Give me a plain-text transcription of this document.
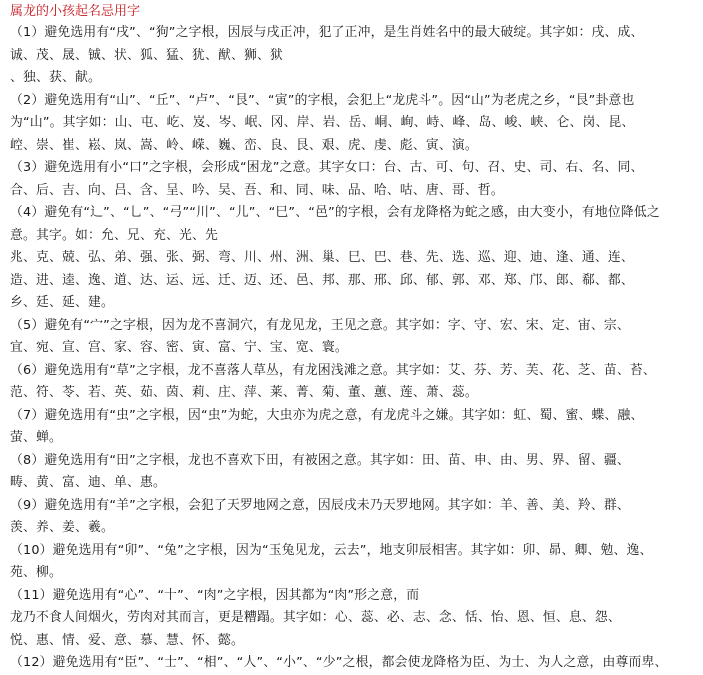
属龙的小孩起名忌用字
（1）避免选用有“戌”、“狗”之字根，因辰与戌正冲，犯了正冲，是生肖姓名中的最大破绽。其字如：戌、成、
诚、茂、晟、铖、状、狐、猛、犹、猷、狮、狱
、独、获、献。
（2）避免选用有“山”、“丘”、“卢”、“艮”、“寅”的字根，会犯上“龙虎斗”。因“山”为老虎之乡，“艮”卦意也
为“山”。其字如：山、屯、屹、岌、岑、岷、冈、岸、岩、岳、峒、峋、峙、峰、岛、峻、峡、仑、岗、昆、
崆、崇、崔、崧、岚、嵩、岭、嵘、巍、峦、良、艮、艰、虎、虔、彪、寅、演。
（3）避免选用有小“口”之字根，会形成“困龙”之意。其字女口：台、古、可、句、召、史、司、右、名、同、
合、后、吉、向、吕、含、呈、吟、吴、吾、和、同、味、品、哈、咕、唐、哥、哲。
（4）避免有“辶”、“乚”、“弓”“川”、“儿”、“巳”、“邑”的字根，会有龙降格为蛇之感，由大变小，有地位降低之
意。其字。如：允、兄、充、光、先
兆、克、兢、弘、弟、强、张、弼、弯、川、州、洲、巢、巳、巴、巷、先、选、巡、迎、迪、逢、通、连、
造、进、逵、逸、道、达、运、远、迁、迈、还、邑、邦、那、邢、邱、郁、郭、邓、郑、邝、郎、郗、都、
乡、廷、延、建。
（5）避免有“宀”之字根，因为龙不喜洞穴，有龙见龙，王见之意。其字如：字、守、宏、宋、定、宙、宗、
宜、宛、宣、宫、家、容、密、寅、富、宁、宝、宽、寰。
（6）避免选用有“草”之字根，龙不喜落人草丛，有龙困浅滩之意。其字如：艾、芬、芳、芙、花、芝、苗、苔、
范、符、苓、若、英、茹、茵、莉、庄、萍、莱、菁、菊、董、蕙、莲、萧、蕊。
（7）避免选用有“虫”之字根，因“虫”为蛇，大虫亦为虎之意，有龙虎斗之嫌。其字如：虹、蜀、蜜、蝶、融、
萤、蝉。
（8）避免选用有“田”之字根，龙也不喜欢下田，有被困之意。其字如：田、苗、申、由、男、界、留、疆、
畴、黄、富、迪、单、惠。
（9）避免选用有“羊”之字根，会犯了天罗地网之意，因辰戌未乃天罗地网。其字如：羊、善、美、羚、群、
羡、养、姜、羲。
（10）避免选用有“卯”、“兔”之字根，因为“玉兔见龙，云去”，地支卯辰相害。其字如：卯、昴、卿、勉、逸、
苑、柳。
（11）避免选用有“心”、“十”、“肉”之字根，因其都为“肉”形之意，而
龙乃不食人间烟火，劳肉对其而言，更是糟蹋。其字如：心、蕊、必、志、念、恬、怡、恩、恒、息、怨、
悦、惠、情、爱、意、慕、慧、怀、懿。
（12）避免选用有“臣”、“士”、“相”、“人”、“小”、“少”之根，都会使龙降格为臣、为士、为人之意，由尊而卑、
